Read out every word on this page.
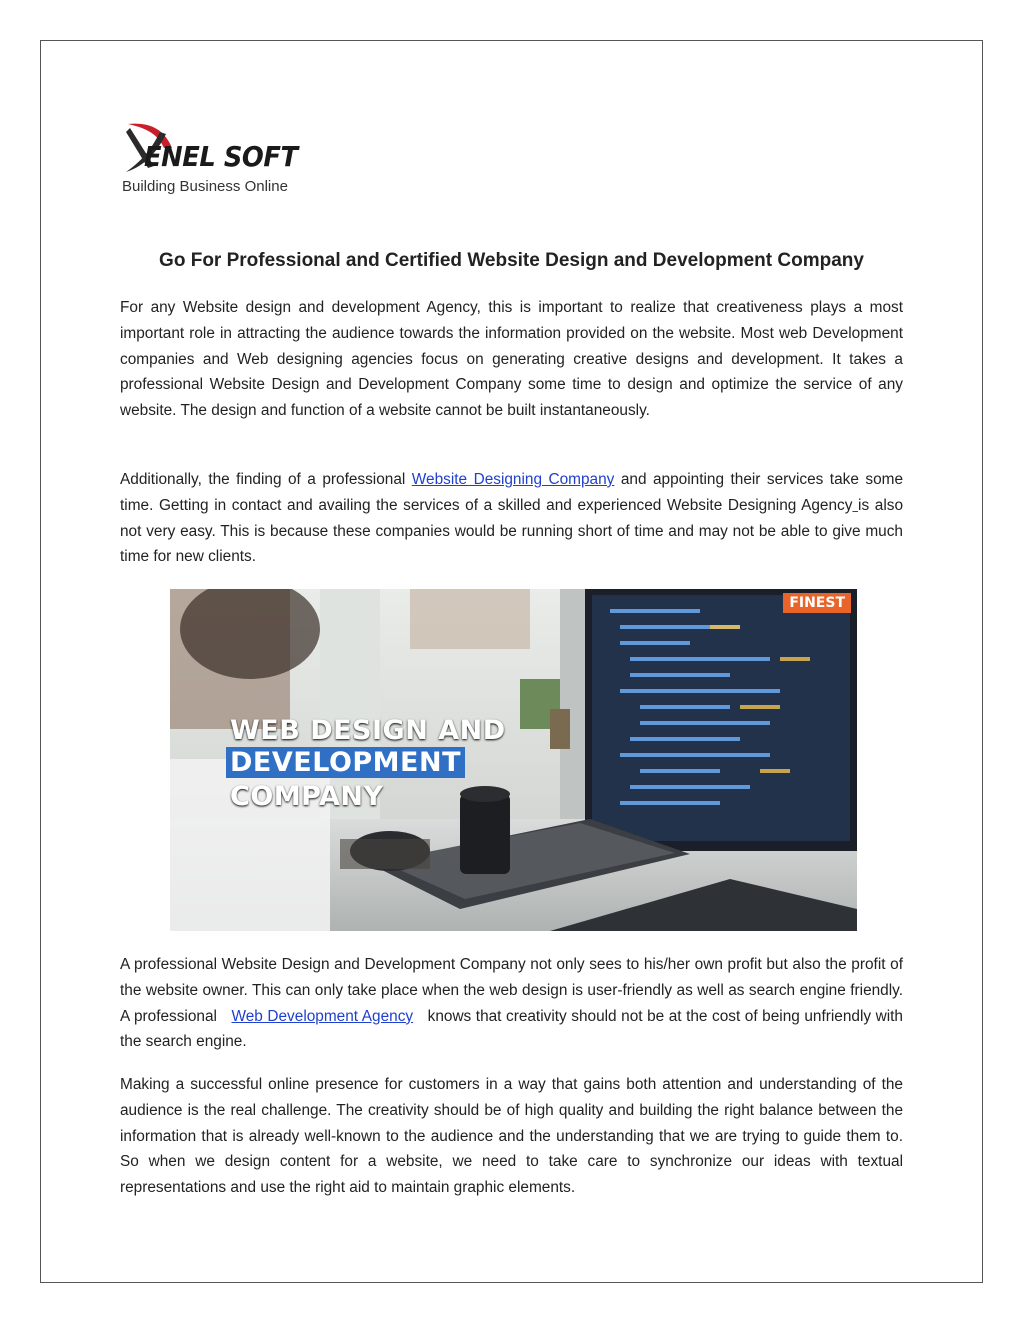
ENEL SOFT
Building Business Online
Go For Professional and Certified Website Design and Development Company

For any Website design and development Agency, this is important to realize that creativeness plays a most important role in attracting the audience towards the information provided on the website. Most web Development companies and Web designing agencies focus on generating creative designs and development. It takes a professional Website Design and Development Company some time to design and optimize the service of any website. The design and function of a website cannot be built instantaneously.

Additionally, the finding of a professional Website Designing Company and appointing their services take some time. Getting in contact and availing the services of a skilled and experienced Website Designing Agency is also not very easy. This is because these companies would be running short of time and may not be able to give much time for new clients.

FINEST
WEB DESIGN AND
DEVELOPMENT
COMPANY

A professional Website Design and Development Company not only sees to his/her own profit but also the profit of the website owner. This can only take place when the web design is user-friendly as well as search engine friendly. A professional Web Development Agency knows that creativity should not be at the cost of being unfriendly with the search engine.

Making a successful online presence for customers in a way that gains both attention and understanding of the audience is the real challenge. The creativity should be of high quality and building the right balance between the information that is already well-known to the audience and the understanding that we are trying to guide them to. So when we design content for a website, we need to take care to synchronize our ideas with textual representations and use the right aid to maintain graphic elements.
